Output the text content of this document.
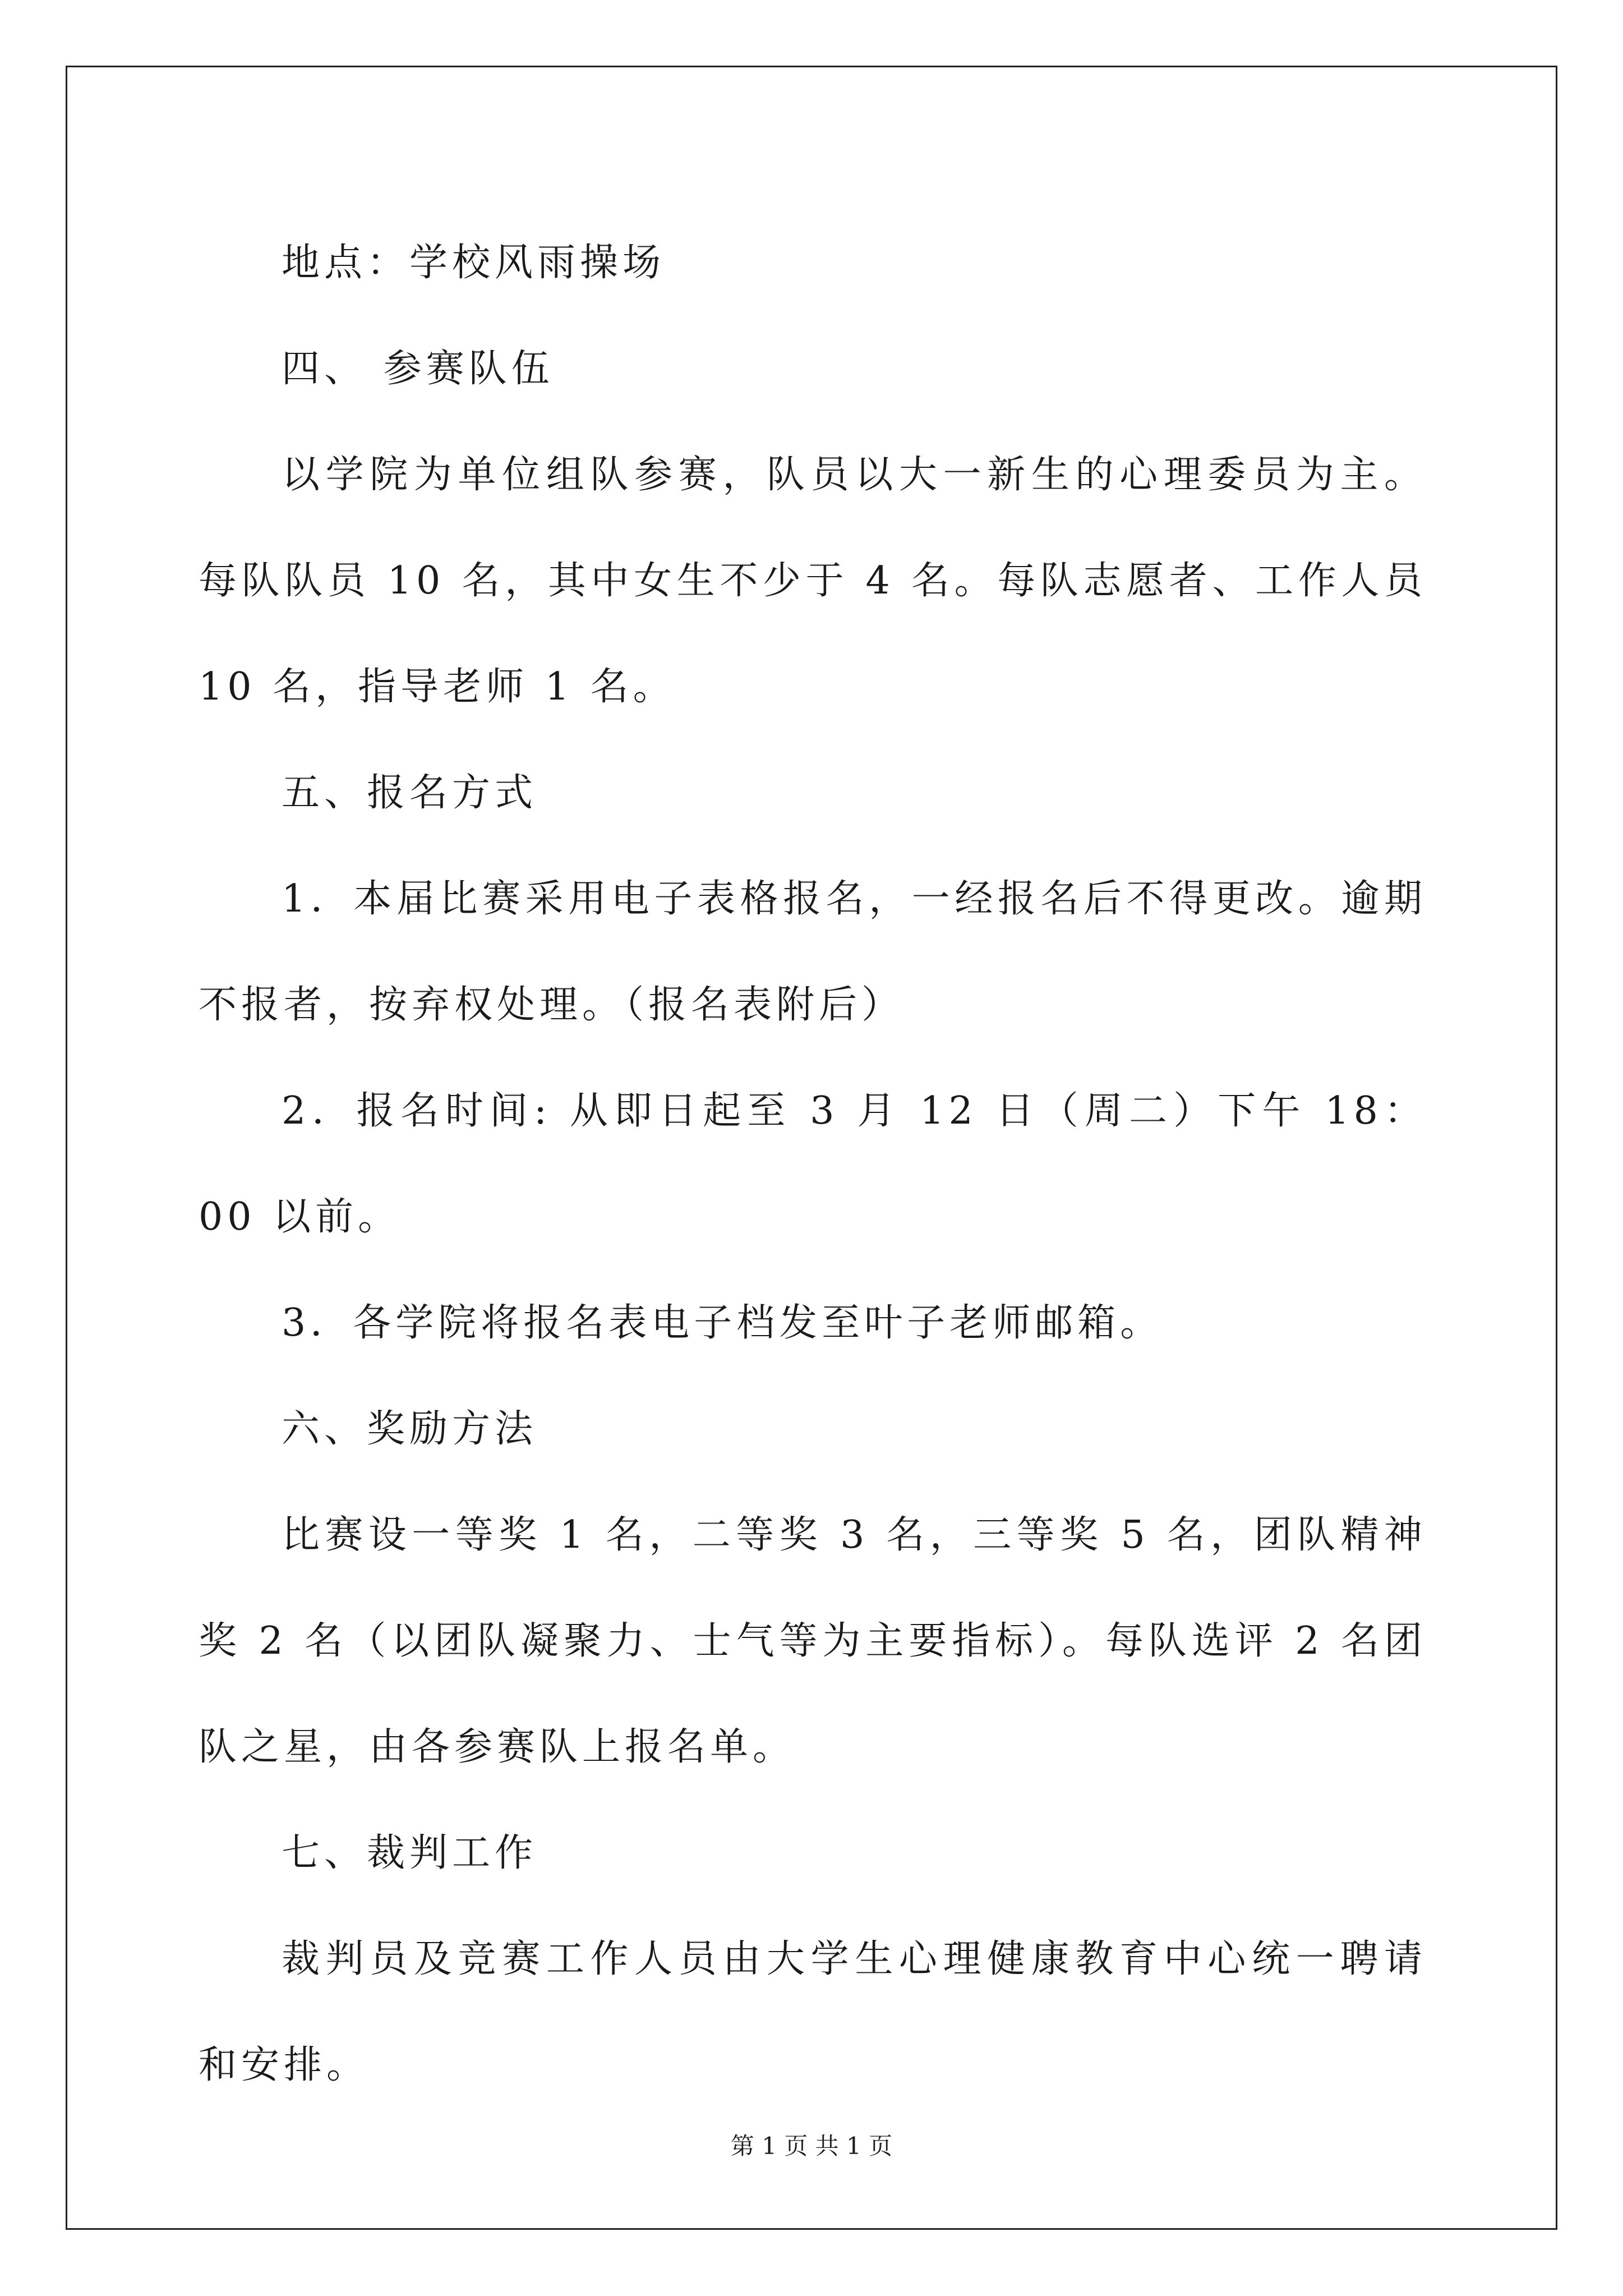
地点：学校风雨操场

四、 参赛队伍

以学院为单位组队参赛，队员以大一新生的心理委员为主。每队队员 10 名，其中女生不少于 4 名。每队志愿者、工作人员 10 名，指导老师 1 名。

五、报名方式

1．本届比赛采用电子表格报名，一经报名后不得更改。逾期不报者，按弃权处理。（报名表附后）

2．报名时间: 从即日起至 3 月 12 日（周二）下午 18： 00 以前。

3．各学院将报名表电子档发至叶子老师邮箱。

六、奖励方法

比赛设一等奖 1 名，二等奖 3 名，三等奖 5 名，团队精神奖 2 名（以团队凝聚力、士气等为主要指标）。每队选评 2 名团队之星，由各参赛队上报名单。

七、裁判工作

裁判员及竞赛工作人员由大学生心理健康教育中心统一聘请和安排。

第 1 页 共 1 页
